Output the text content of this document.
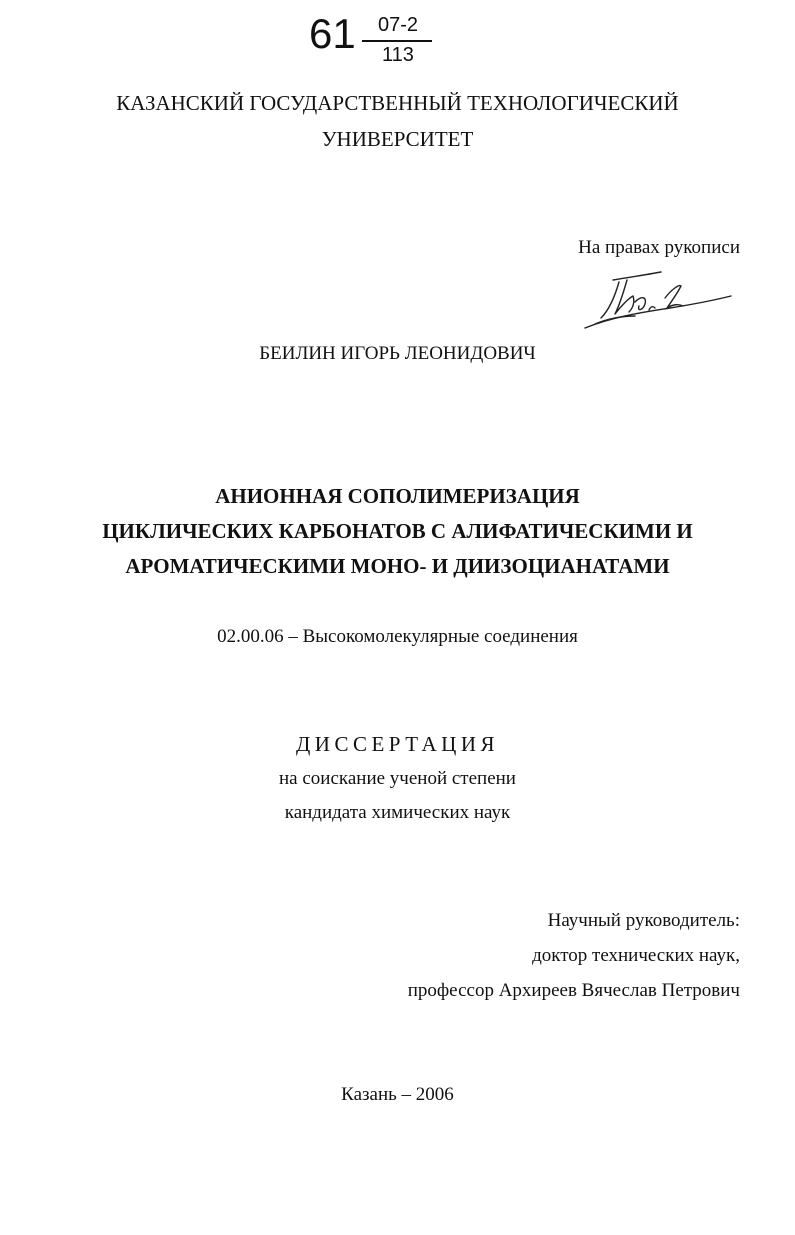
61 07-2
113
КАЗАНСКИЙ ГОСУДАРСТВЕННЫЙ ТЕХНОЛОГИЧЕСКИЙ
УНИВЕРСИТЕТ
На правах рукописи
БЕИЛИН ИГОРЬ ЛЕОНИДОВИЧ
АНИОННАЯ СОПОЛИМЕРИЗАЦИЯ
ЦИКЛИЧЕСКИХ КАРБОНАТОВ С АЛИФАТИЧЕСКИМИ И
АРОМАТИЧЕСКИМИ МОНО- И ДИИЗОЦИАНАТАМИ
02.00.06 – Высокомолекулярные соединения
ДИССЕРТАЦИЯ
на соискание ученой степени
кандидата химических наук
Научный руководитель:
доктор технических наук,
профессор Архиреев Вячеслав Петрович
Казань – 2006
